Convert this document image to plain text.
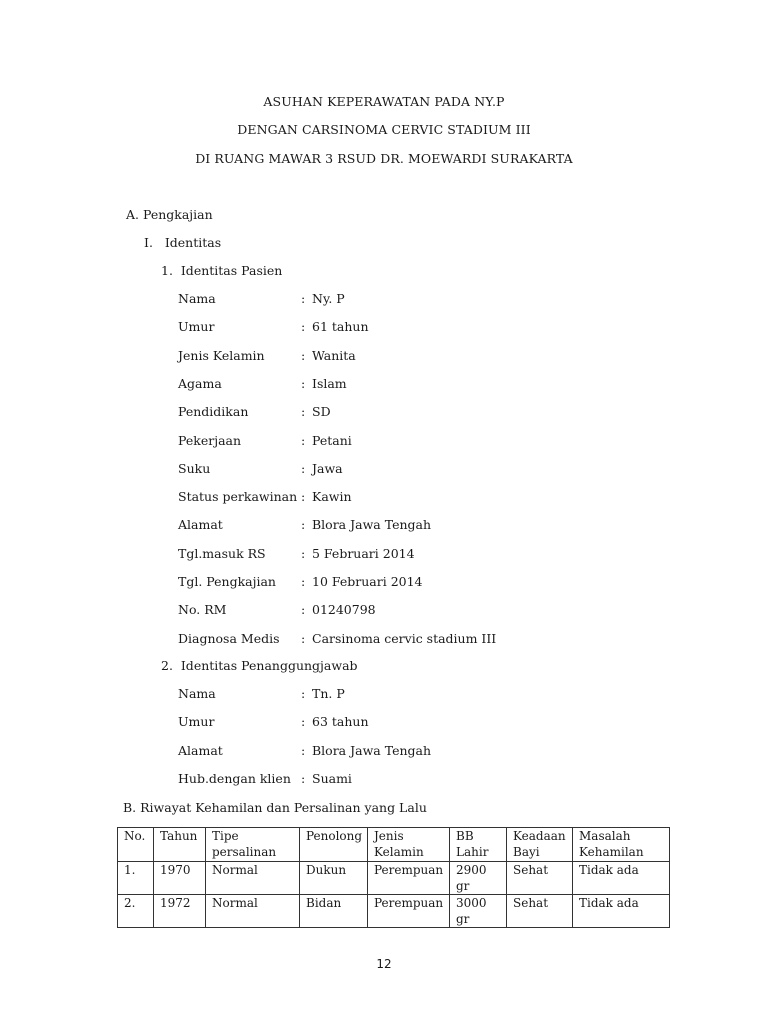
ASUHAN KEPERAWATAN PADA NY.P
DENGAN CARSINOMA CERVIC STADIUM III
DI RUANG MAWAR 3 RSUD DR. MOEWARDI SURAKARTA
A. Pengkajian
I.   Identitas
1.  Identitas Pasien
Nama	: Ny. P
Umur	: 61 tahun
Jenis Kelamin	: Wanita
Agama	: Islam
Pendidikan	: SD
Pekerjaan	: Petani
Suku	: Jawa
Status perkawinan : Kawin
Alamat	: Blora Jawa Tengah
Tgl.masuk RS	: 5 Februari 2014
Tgl. Pengkajian : 10 Februari 2014
No. RM	: 01240798
Diagnosa Medis : Carsinoma cervic stadium III
2.  Identitas Penanggungjawab
Nama	: Tn. P
Umur	: 63 tahun
Alamat	: Blora Jawa Tengah
Hub.dengan klien : Suami
B. Riwayat Kehamilan dan Persalinan yang Lalu
No.	Tahun	Tipe persalinan	Penolong	Jenis Kelamin	BB Lahir	Keadaan Bayi	Masalah Kehamilan
1.	1970	Normal	Dukun	Perempuan	2900 gr	Sehat	Tidak ada
2.	1972	Normal	Bidan	Perempuan	3000 gr	Sehat	Tidak ada
12
